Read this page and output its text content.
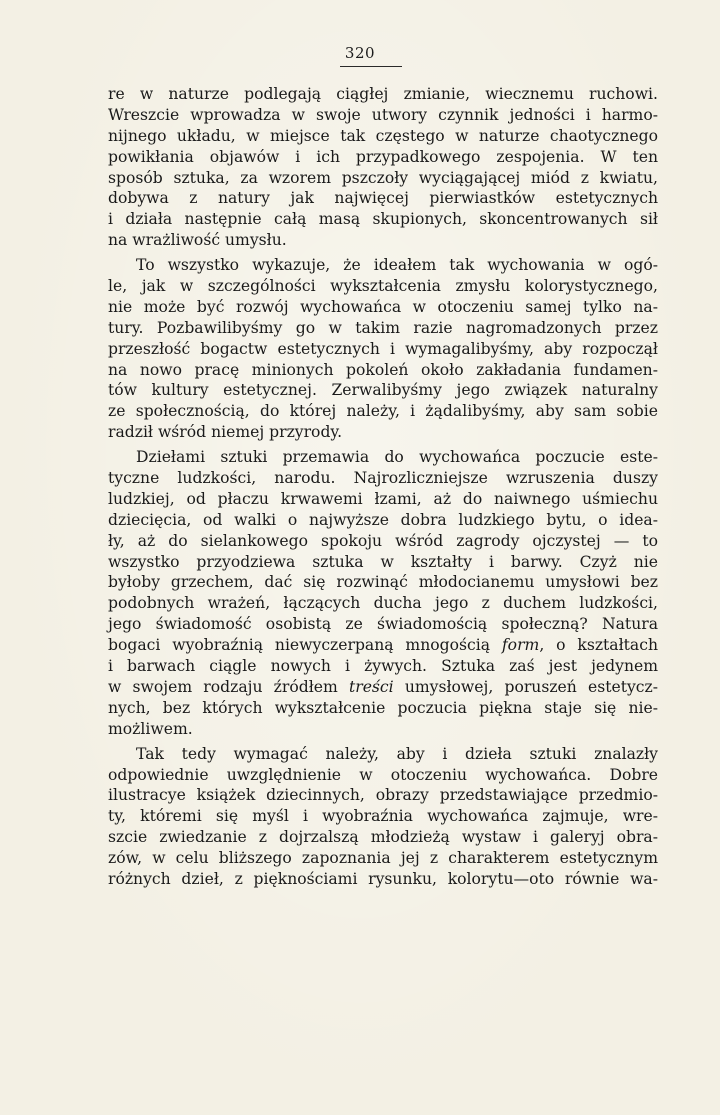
320
re w naturze podlegają ciągłej zmianie, wiecznemu ruchowi.
Wreszcie wprowadza w swoje utwory czynnik jedności i harmo-
nijnego układu, w miejsce tak częstego w naturze chaotycznego
powikłania objawów i ich przypadkowego zespojenia. W ten
sposób sztuka, za wzorem pszczoły wyciągającej miód z kwiatu,
dobywa z natury jak najwięcej pierwiastków estetycznych
i działa następnie całą masą skupionych, skoncentrowanych sił
na wrażliwość umysłu.
To wszystko wykazuje, że ideałem tak wychowania w ogó-
le, jak w szczególności wykształcenia zmysłu kolorystycznego,
nie może być rozwój wychowańca w otoczeniu samej tylko na-
tury. Pozbawilibyśmy go w takim razie nagromadzonych przez
przeszłość bogactw estetycznych i wymagalibyśmy, aby rozpoczął
na nowo pracę minionych pokoleń około zakładania fundamen-
tów kultury estetycznej. Zerwalibyśmy jego związek naturalny
ze społecznością, do której należy, i żądalibyśmy, aby sam sobie
radził wśród niemej przyrody.
Dziełami sztuki przemawia do wychowańca poczucie este-
tyczne ludzkości, narodu. Najrozliczniejsze wzruszenia duszy
ludzkiej, od płaczu krwawemi łzami, aż do naiwnego uśmiechu
dziecięcia, od walki o najwyższe dobra ludzkiego bytu, o idea-
ły, aż do sielankowego spokoju wśród zagrody ojczystej — to
wszystko przyodziewa sztuka w kształty i barwy. Czyż nie
byłoby grzechem, dać się rozwinąć młodocianemu umysłowi bez
podobnych wrażeń, łączących ducha jego z duchem ludzkości,
jego świadomość osobistą ze świadomością społeczną? Natura
bogaci wyobraźnią niewyczerpaną mnogością form, o kształtach
i barwach ciągle nowych i żywych. Sztuka zaś jest jedynem
w swojem rodzaju źródłem treści umysłowej, poruszeń estetycz-
nych, bez których wykształcenie poczucia piękna staje się nie-
możliwem.
Tak tedy wymagać należy, aby i dzieła sztuki znalazły
odpowiednie uwzględnienie w otoczeniu wychowańca. Dobre
ilustracye książek dziecinnych, obrazy przedstawiające przedmio-
ty, któremi się myśl i wyobraźnia wychowańca zajmuje, wre-
szcie zwiedzanie z dojrzalszą młodzieżą wystaw i galeryj obra-
zów, w celu bliższego zapoznania jej z charakterem estetycznym
różnych dzieł, z pięknościami rysunku, kolorytu—oto równie wa-
